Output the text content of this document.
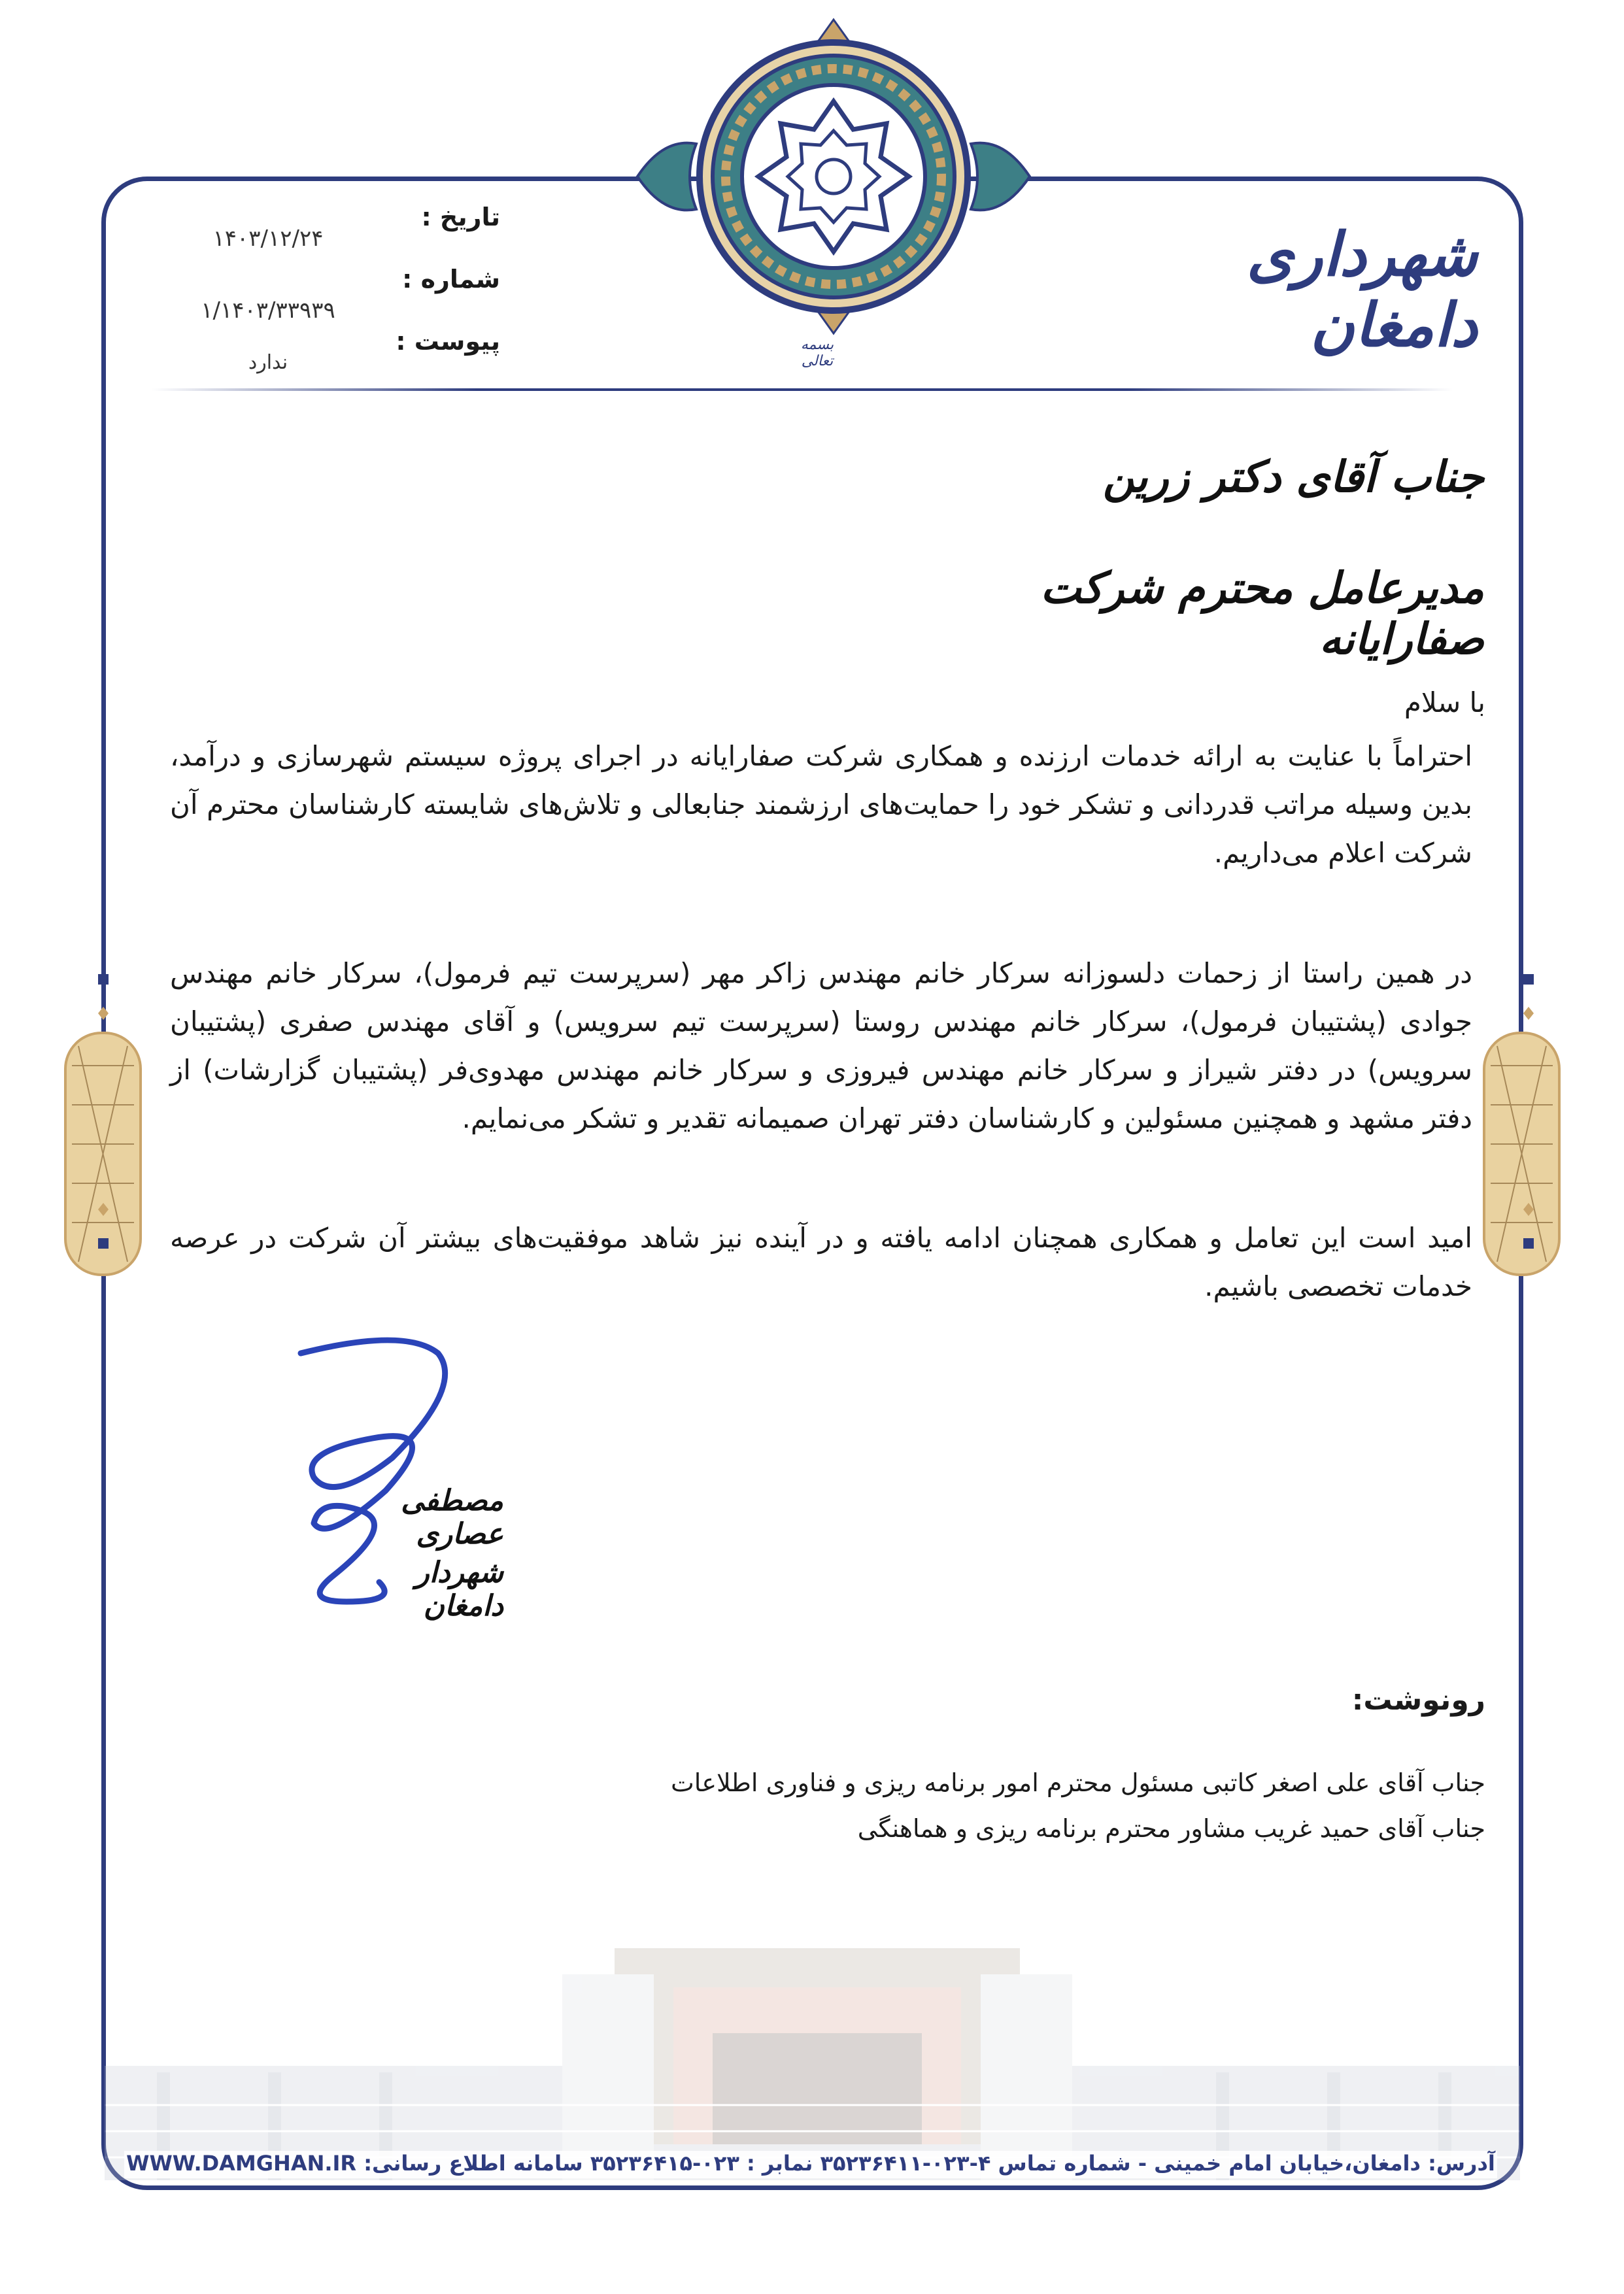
بسمه تعالی
شهرداری دامغان
تاریخ :
۱۴۰۳/۱۲/۲۴
شماره :
۱/۱۴۰۳/۳۳۹۳۹
پیوست :
ندارد
جناب آقای دکتر زرین
مدیرعامل محترم شرکت صفارایانه
با سلام
احتراماً با عنایت به ارائه خدمات ارزنده و همکاری شرکت صفارایانه در اجرای پروژه سیستم شهرسازی و درآمد، بدین وسیله مراتب قدردانی و تشکر خود را حمایت‌های ارزشمند جنابعالی و تلاش‌های شایسته کارشناسان محترم آن شرکت اعلام می‌داریم.
در همین راستا از زحمات دلسوزانه سرکار خانم مهندس زاکر مهر (سرپرست تیم فرمول)، سرکار خانم مهندس جوادی (پشتیبان فرمول)، سرکار خانم مهندس روستا (سرپرست تیم سرویس) و آقای مهندس صفری (پشتیبان سرویس) در دفتر شیراز و سرکار خانم مهندس فیروزی و سرکار خانم مهندس مهدوی‌فر (پشتیبان گزارشات) از دفتر مشهد و همچنین مسئولین و کارشناسان دفتر تهران صمیمانه تقدیر و تشکر می‌نمایم.
امید است این تعامل و همکاری همچنان ادامه یافته و در آینده نیز شاهد موفقیت‌های بیشتر آن شرکت در عرصه خدمات تخصصی باشیم.
مصطفی عصاری
شهردار دامغان
رونوشت:
جناب آقای علی اصغر کاتبی مسئول محترم امور برنامه ریزی و فناوری اطلاعات
جناب آقای حمید غریب مشاور محترم برنامه ریزی و هماهنگی
آدرس: دامغان،خیابان امام خمینی - شماره تماس ۴-۰۲۳-۳۵۲۳۶۴۱۱ نمابر : ۰۲۳-۳۵۲۳۶۴۱۵ سامانه اطلاع رسانی: WWW.DAMGHAN.IR
